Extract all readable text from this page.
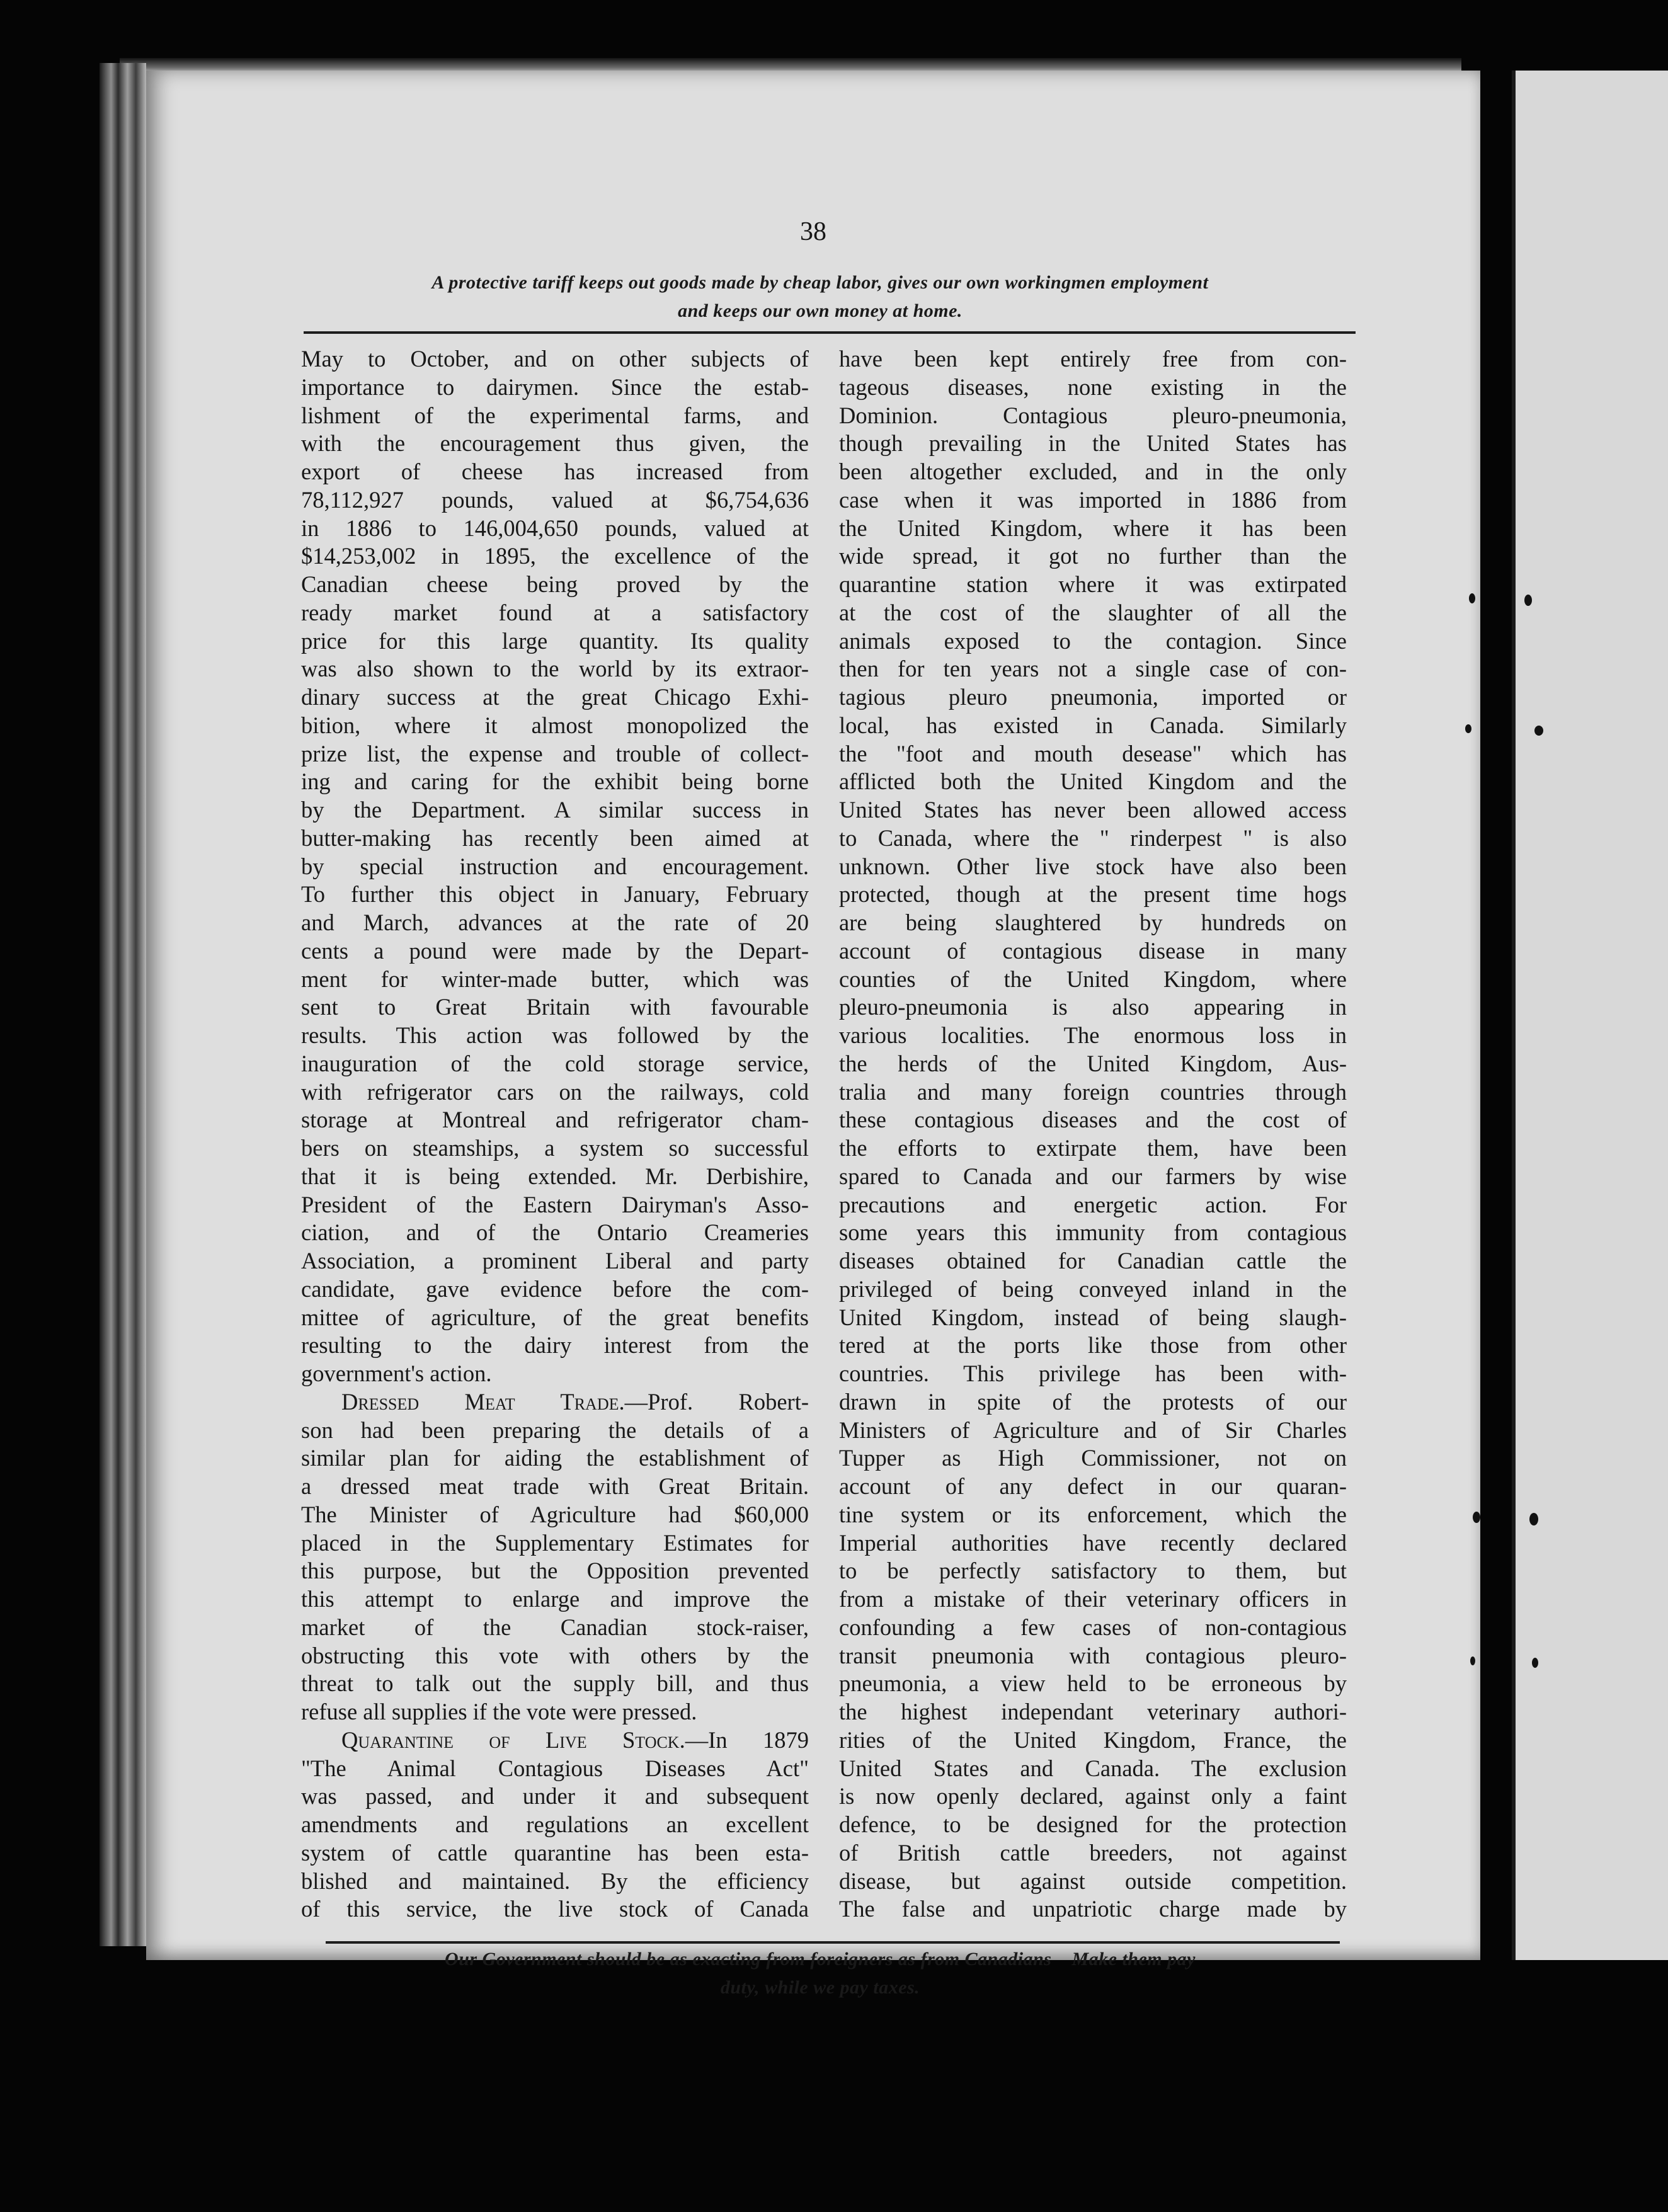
38
A protective tariff keeps out goods made by cheap labor, gives our own workingmen employment
and keeps our own money at home.
May to October, and on other subjects of
importance to dairymen. Since the estab-
lishment of the experimental farms, and
with the encouragement thus given, the
export of cheese has increased from
78,112,927 pounds, valued at $6,754,636
in 1886 to 146,004,650 pounds, valued at
$14,253,002 in 1895, the excellence of the
Canadian cheese being proved by the
ready market found at a satisfactory
price for this large quantity. Its quality
was also shown to the world by its extraor-
dinary success at the great Chicago Exhi-
bition, where it almost monopolized the
prize list, the expense and trouble of collect-
ing and caring for the exhibit being borne
by the Department. A similar success in
butter-making has recently been aimed at
by special instruction and encouragement.
To further this object in January, February
and March, advances at the rate of 20
cents a pound were made by the Depart-
ment for winter-made butter, which was
sent to Great Britain with favourable
results. This action was followed by the
inauguration of the cold storage service,
with refrigerator cars on the railways, cold
storage at Montreal and refrigerator cham-
bers on steamships, a system so successful
that it is being extended. Mr. Derbishire,
President of the Eastern Dairyman's Asso-
ciation, and of the Ontario Creameries
Association, a prominent Liberal and party
candidate, gave evidence before the com-
mittee of agriculture, of the great benefits
resulting to the dairy interest from the
government's action.
Dressed Meat Trade.—Prof. Robert-
son had been preparing the details of a
similar plan for aiding the establishment of
a dressed meat trade with Great Britain.
The Minister of Agriculture had $60,000
placed in the Supplementary Estimates for
this purpose, but the Opposition prevented
this attempt to enlarge and improve the
market of the Canadian stock-raiser,
obstructing this vote with others by the
threat to talk out the supply bill, and thus
refuse all supplies if the vote were pressed.
Quarantine of Live Stock.—In 1879
"The Animal Contagious Diseases Act"
was passed, and under it and subsequent
amendments and regulations an excellent
system of cattle quarantine has been esta-
blished and maintained. By the efficiency
of this service, the live stock of Canada
have been kept entirely free from con-
tageous diseases, none existing in the
Dominion. Contagious pleuro-pneumonia,
though prevailing in the United States has
been altogether excluded, and in the only
case when it was imported in 1886 from
the United Kingdom, where it has been
wide spread, it got no further than the
quarantine station where it was extirpated
at the cost of the slaughter of all the
animals exposed to the contagion. Since
then for ten years not a single case of con-
tagious pleuro pneumonia, imported or
local, has existed in Canada. Similarly
the "foot and mouth desease" which has
afflicted both the United Kingdom and the
United States has never been allowed access
to Canada, where the " rinderpest " is also
unknown. Other live stock have also been
protected, though at the present time hogs
are being slaughtered by hundreds on
account of contagious disease in many
counties of the United Kingdom, where
pleuro-pneumonia is also appearing in
various localities. The enormous loss in
the herds of the United Kingdom, Aus-
tralia and many foreign countries through
these contagious diseases and the cost of
the efforts to extirpate them, have been
spared to Canada and our farmers by wise
precautions and energetic action. For
some years this immunity from contagious
diseases obtained for Canadian cattle the
privileged of being conveyed inland in the
United Kingdom, instead of being slaugh-
tered at the ports like those from other
countries. This privilege has been with-
drawn in spite of the protests of our
Ministers of Agriculture and of Sir Charles
Tupper as High Commissioner, not on
account of any defect in our quaran-
tine system or its enforcement, which the
Imperial authorities have recently declared
to be perfectly satisfactory to them, but
from a mistake of their veterinary officers in
confounding a few cases of non-contagious
transit pneumonia with contagious pleuro-
pneumonia, a view held to be erroneous by
the highest independant veterinary authori-
rities of the United Kingdom, France, the
United States and Canada. The exclusion
is now openly declared, against only a faint
defence, to be designed for the protection
of British cattle breeders, not against
disease, but against outside competition.
The false and unpatriotic charge made by
Our Government should be as exacting from foreigners as from Canadians    Make them pay
duty, while we pay taxes.
